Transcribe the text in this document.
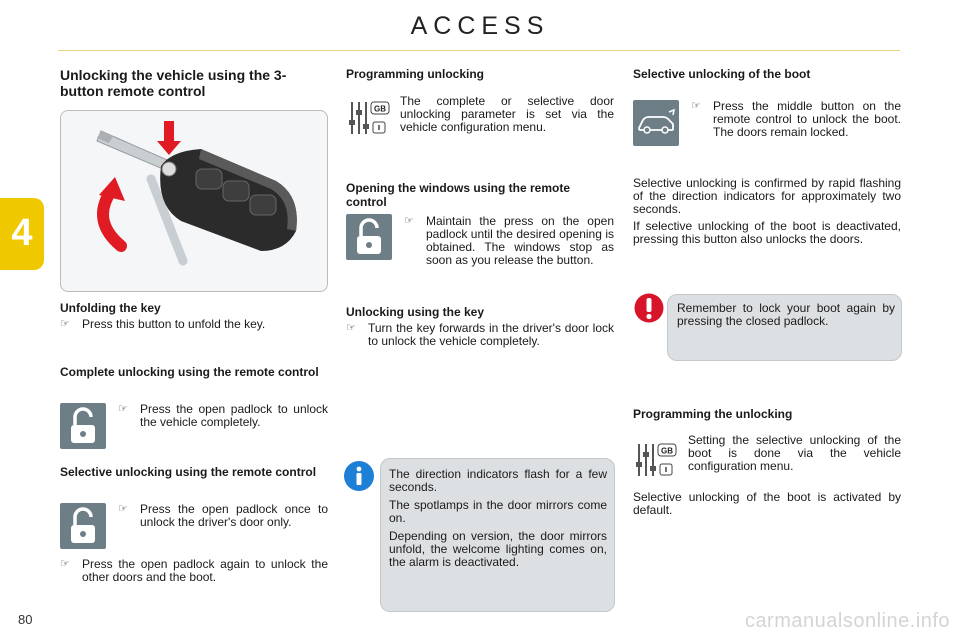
ACCESS
4
Unlocking the vehicle using the 3-button remote control
Unfolding the key
☞	Press this button to unfold the key.
Complete unlocking using the remote control
☞	Press the open padlock to unlock the vehicle completely.
Selective unlocking using the remote control
☞	Press the open padlock once to unlock the driver's door only.
☞	Press the open padlock again to unlock the other doors and the boot.
Programming unlocking
GB

The complete or selective door unlocking parameter is set via the vehicle configuration menu.

Opening the windows using the remote control
☞	Maintain the press on the open padlock until the desired opening is obtained. The windows stop as soon as you release the button.
Unlocking using the key
☞	Turn the key forwards in the driver's door lock to unlock the vehicle completely.

The direction indicators flash for a few seconds.

The spotlamps in the door mirrors come on.

Depending on version, the door mirrors unfold, the welcome lighting comes on, the alarm is deactivated.

Selective unlocking of the boot
☞	Press the middle button on the remote control to unlock the boot. The doors remain locked.

Selective unlocking is confirmed by rapid flashing of the direction indicators for approximately two seconds.

If selective unlocking of the boot is deactivated, pressing this button also unlocks the doors.

Remember to lock your boot again by pressing the closed padlock.

Programming the unlocking
GB

Setting the selective unlocking of the boot is done via the vehicle configuration menu.

Selective unlocking of the boot is activated by default.

80	carmanualsonline.info
